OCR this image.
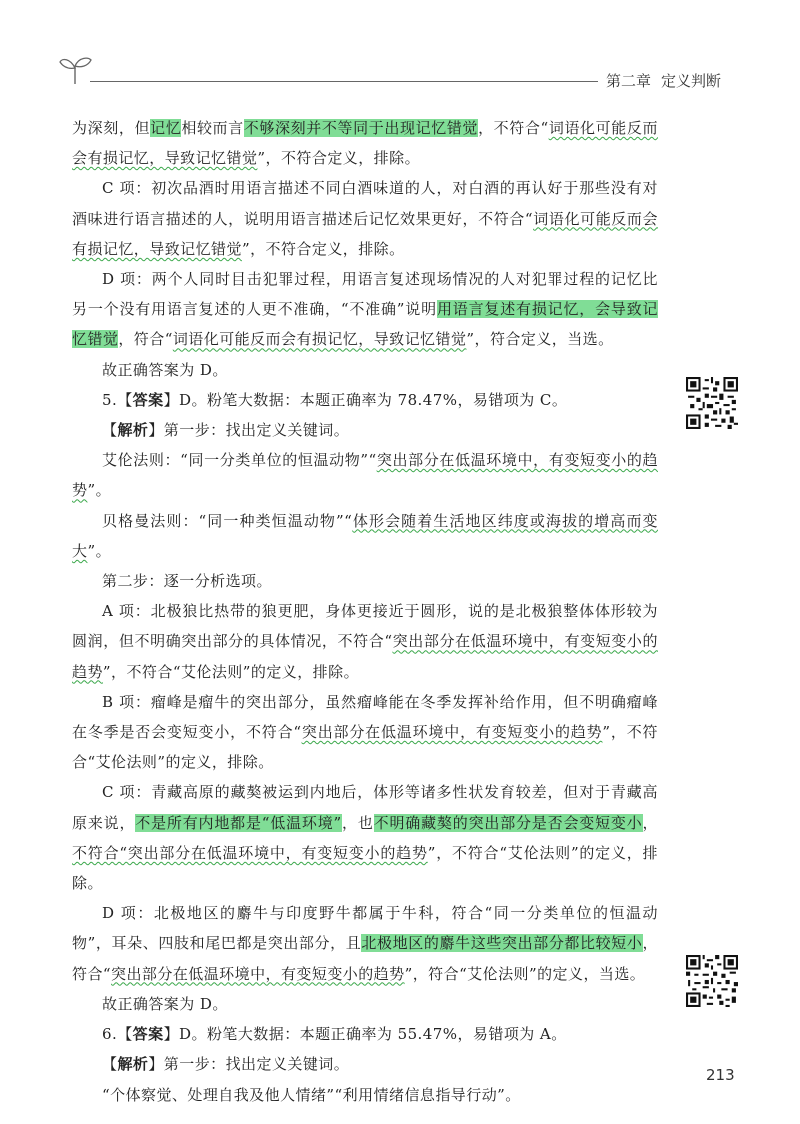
第二章 定义判断

为深刻，但记忆相较而言不够深刻并不等同于出现记忆错觉，不符合“词语化可能反而会有损记忆，导致记忆错觉”，不符合定义，排除。

C 项：初次品酒时用语言描述不同白酒味道的人，对白酒的再认好于那些没有对酒味进行语言描述的人，说明用语言描述后记忆效果更好，不符合“词语化可能反而会有损记忆，导致记忆错觉”，不符合定义，排除。

D 项：两个人同时目击犯罪过程，用语言复述现场情况的人对犯罪过程的记忆比另一个没有用语言复述的人更不准确，“不准确”说明用语言复述有损记忆，会导致记忆错觉，符合“词语化可能反而会有损记忆，导致记忆错觉”，符合定义，当选。

故正确答案为 D。

5.【答案】D。粉笔大数据：本题正确率为 78.47%，易错项为 C。

【解析】第一步：找出定义关键词。

艾伦法则：“同一分类单位的恒温动物”“突出部分在低温环境中，有变短变小的趋势”。

贝格曼法则：“同一种类恒温动物”“体形会随着生活地区纬度或海拔的增高而变大”。

第二步：逐一分析选项。

A 项：北极狼比热带的狼更肥，身体更接近于圆形，说的是北极狼整体体形较为圆润，但不明确突出部分的具体情况，不符合“突出部分在低温环境中，有变短变小的趋势”，不符合“艾伦法则”的定义，排除。

B 项：瘤峰是瘤牛的突出部分，虽然瘤峰能在冬季发挥补给作用，但不明确瘤峰在冬季是否会变短变小，不符合“突出部分在低温环境中，有变短变小的趋势”，不符合“艾伦法则”的定义，排除。

C 项：青藏高原的藏獒被运到内地后，体形等诸多性状发育较差，但对于青藏高原来说，不是所有内地都是“低温环境”，也不明确藏獒的突出部分是否会变短变小，不符合“突出部分在低温环境中，有变短变小的趋势”，不符合“艾伦法则”的定义，排除。

D 项：北极地区的麝牛与印度野牛都属于牛科，符合“同一分类单位的恒温动物”，耳朵、四肢和尾巴都是突出部分，且北极地区的麝牛这些突出部分都比较短小，符合“突出部分在低温环境中，有变短变小的趋势”，符合“艾伦法则”的定义，当选。

故正确答案为 D。

6.【答案】D。粉笔大数据：本题正确率为 55.47%，易错项为 A。

【解析】第一步：找出定义关键词。

“个体察觉、处理自我及他人情绪”“利用情绪信息指导行动”。

213
